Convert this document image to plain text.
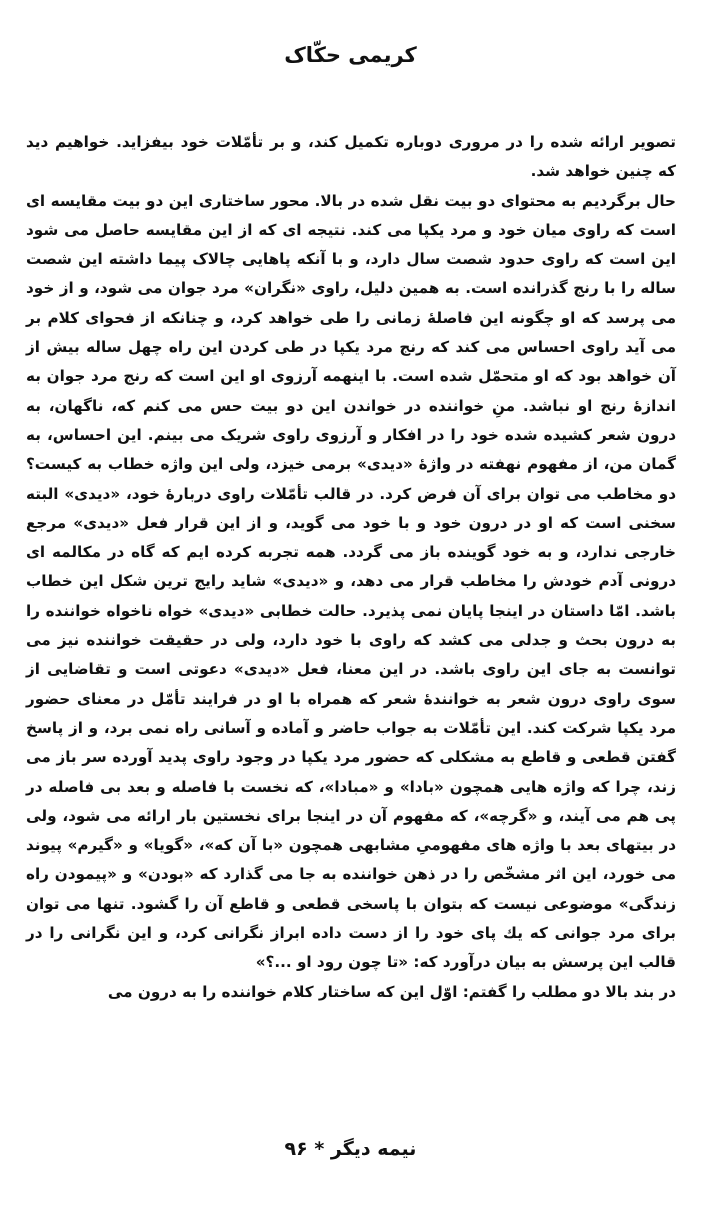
کریمی حکّاک

تصویر ارائه شده را در مروری دوباره تکمیل کند، و بر تأمّلات خود بیفزاید. خواهیم دید که چنین خواهد شد.

حال برگردیم به محتوای دو بیت نقل شده در بالا. محور ساختاری این دو بیت مقایسه ای است که راوی میان خود و مرد یکپا می کند. نتیجه ای که از این مقایسه حاصل می شود این است که راوی حدود شصت سال دارد، و با آنکه پاهایی چالاک پیما داشته این شصت ساله را با رنج گذرانده است. به همین دلیل، راوی «نگران» مرد جوان می شود، و از خود می پرسد که او چگونه این فاصلهٔ زمانی را طی خواهد کرد، و چنانکه از فحوای کلام بر می آید راوی احساس می کند که رنج مرد یکپا در طی کردن این راه چهل ساله بیش از آن خواهد بود که او متحمّل شده است. با اینهمه آرزوی او این است که رنج مرد جوان به اندازهٔ رنج او نباشد. منِ خواننده در خواندن این دو بیت حس می کنم که، ناگهان، به درون شعر کشیده شده خود را در افکار و آرزوی راوی شریک می بینم. این احساس، به گمان من، از مفهوم نهفته در واژهٔ «دیدی» برمی خیزد، ولی این واژه خطاب به کیست؟ دو مخاطب می توان برای آن فرض کرد. در قالب تأمّلات راوی دربارهٔ خود، «دیدی» البته سخنی است که او در درون خود و با خود می گوید، و از این قرار فعل «دیدی» مرجع خارجی ندارد، و به خود گوینده باز می گردد. همه تجربه کرده ایم که گاه در مکالمه ای درونی آدم خودش را مخاطب قرار می دهد، و «دیدی» شاید رایج ترین شکل این خطاب باشد. امّا داستان در اینجا پایان نمی پذیرد. حالت خطابی «دیدی» خواه ناخواه خواننده را به درون بحث و جدلی می کشد که راوی با خود دارد، ولی در حقیقت خواننده نیز می توانست به جای این راوی باشد. در این معنا، فعل «دیدی» دعوتی است و تقاضایی از سوی راوی درون شعر به خوانندهٔ شعر که همراه با او در فرایند تأمّل در معنای حضور مرد یکپا شرکت کند. این تأمّلات به جواب حاضر و آماده و آسانی راه نمی برد، و از پاسخ گفتن قطعی و قاطع به مشکلی که حضور مرد یکپا در وجود راوی پدید آورده سر باز می زند، چرا که واژه هایی همچون «بادا» و «مبادا»، که نخست با فاصله و بعد بی فاصله در پی هم می آیند، و «گرچه»، که مفهوم آن در اینجا برای نخستین بار ارائه می شود، ولی در بیتهای بعد با واژه های مفهومیِ مشابهی همچون «با آن که»، «گویا» و «گیرم» پیوند می خورد، این اثر مشخّص را در ذهن خواننده به جا می گذارد که «بودن» و «پیمودن راه زندگی» موضوعی نیست که بتوان با پاسخی قطعی و قاطع آن را گشود. تنها می توان برای مرد جوانی که یك پای خود را از دست داده ابراز نگرانی کرد، و این نگرانی را در قالب این پرسش به بیان درآورد که: «تا چون رود او ...؟»

در بند بالا دو مطلب را گفتم: اوّل این که ساختار کلام خواننده را به درون می

نیمه دیگر * ۹۶
